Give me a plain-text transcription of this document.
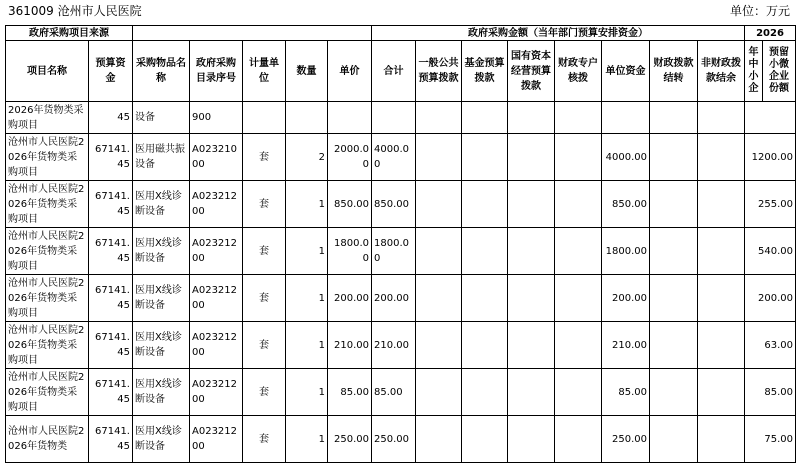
361009 沧州市人民医院	单位：万元
政府采购项目来源							政府采购金额（当年部门预算安排资金）								2026	
项目名称	预算资金	采购物品名称	政府采购目录序号	计量单位	数量	单价	合计	一般公共预算拨款	基金预算拨款	国有资本经营预算拨款	财政专户核拨	单位资金	财政拨款结转	非财政拨款结余	年中小企	预留小微企业份额
2026年货物类采购项目	45	设备	900													
沧州市人民医院2026年货物类采购项目	67141.45	医用磁共振设备	A02321000	套	2	2000.00	4000.00					4000.00			1200.00	
沧州市人民医院2026年货物类采购项目	67141.45	医用X线诊断设备	A02321200	套	1	850.00	850.00					850.00			255.00	
沧州市人民医院2026年货物类采购项目	67141.45	医用X线诊断设备	A02321200	套	1	1800.00	1800.00					1800.00			540.00	
沧州市人民医院2026年货物类采购项目	67141.45	医用X线诊断设备	A02321200	套	1	200.00	200.00					200.00			200.00	
沧州市人民医院2026年货物类采购项目	67141.45	医用X线诊断设备	A02321200	套	1	210.00	210.00					210.00			63.00	
沧州市人民医院2026年货物类采购项目	67141.45	医用X线诊断设备	A02321200	套	1	85.00	85.00					85.00			85.00	
沧州市人民医院2026年货物类	67141.45	医用X线诊断设备	A02321200	套	1	250.00	250.00					250.00			75.00	
